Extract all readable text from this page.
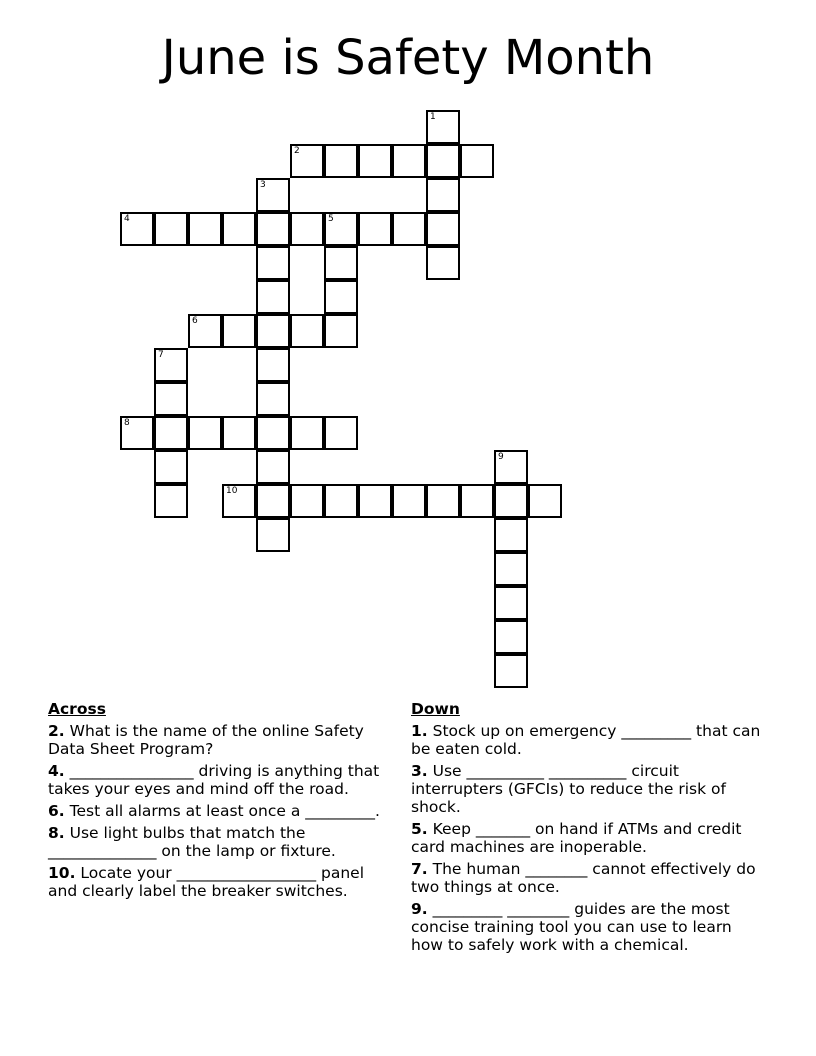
June is Safety Month
1
2
3
4	5
6
7
8
9
10
Across
2. What is the name of the online Safety Data Sheet Program?
4. ________________ driving is anything that takes your eyes and mind off the road.
6. Test all alarms at least once a _________.
8. Use light bulbs that match the ______________ on the lamp or fixture.
10. Locate your __________________ panel and clearly label the breaker switches.
Down
1. Stock up on emergency _________ that can be eaten cold.
3. Use __________ __________ circuit interrupters (GFCIs) to reduce the risk of shock.
5. Keep _______ on hand if ATMs and credit card machines are inoperable.
7. The human ________ cannot effectively do two things at once.
9. _________ ________ guides are the most concise training tool you can use to learn how to safely work with a chemical.
